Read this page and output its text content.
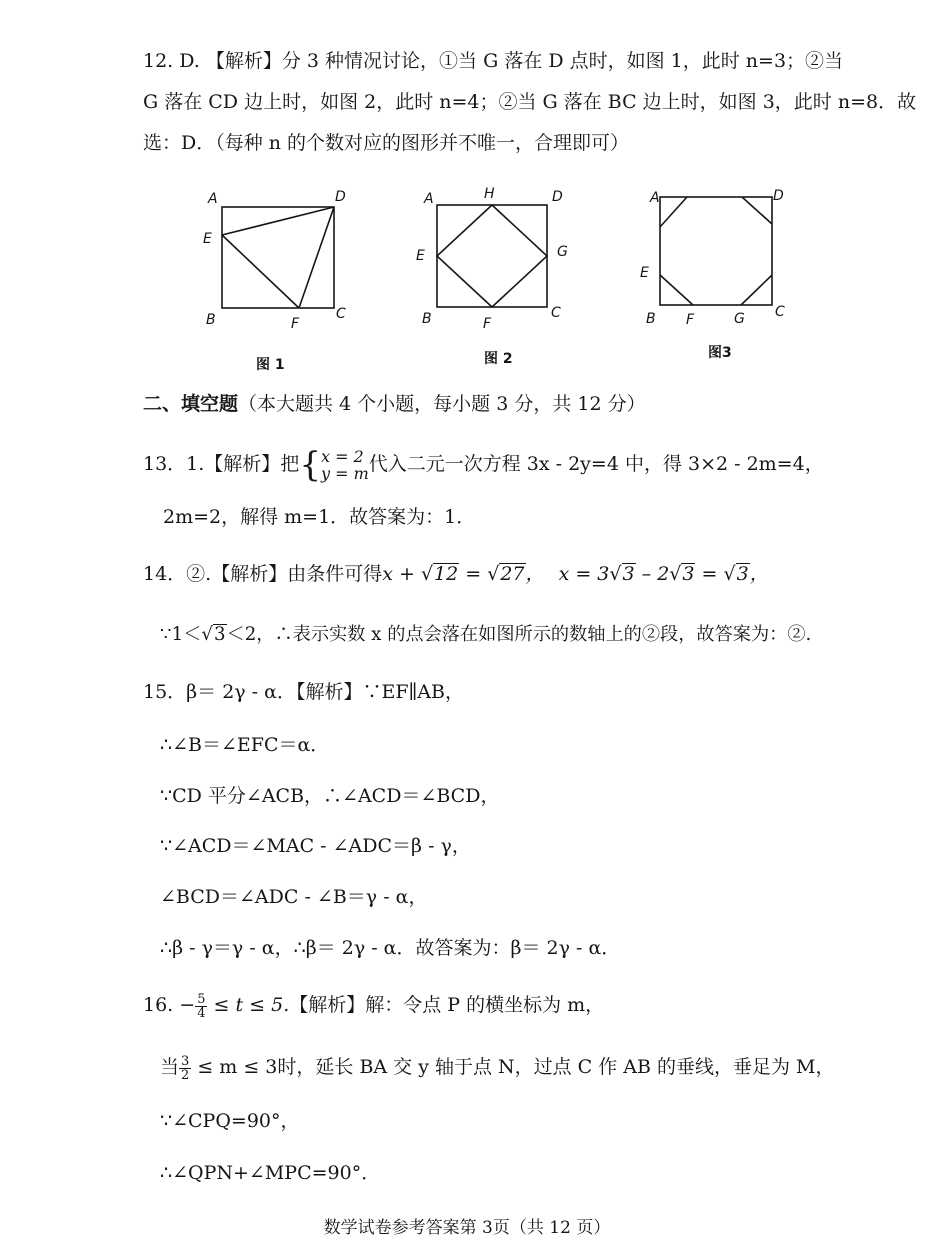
12. D. 【解析】分 3 种情况讨论，①当 G 落在 D 点时，如图 1，此时 n=3；②当
G 落在 CD 边上时，如图 2，此时 n=4；②当 G 落在 BC 边上时，如图 3，此时 n=8．故
选：D．（每种 n 的个数对应的图形并不唯一，合理即可）
A	D
E
B	F
C
图 1
A	H	D
E	G
B	F
C
图 2
A	D
E
B F	G C
图3
二、填空题（本大题共 4 个小题，每小题 3 分，共 12 分）
13．1.【解析】把{ x = 2
y = m 代入二元一次方程 3x - 2y=4 中，得 3×2 - 2m=4，
2m=2，解得 m=1．故答案为：1．
14．②.【解析】由条件可得x + √12 = √27， x = 3√3 – 2√3 = √3，
∵1＜√3＜2，∴表示实数 x 的点会落在如图所示的数轴上的②段，故答案为：②.
15．β＝ 2γ - α．【解析】∵EF∥AB，
∴∠B＝∠EFC＝α．
∵CD 平分∠ACB，∴∠ACD＝∠BCD，
∵∠ACD＝∠MAC - ∠ADC＝β - γ，
∠BCD＝∠ADC - ∠B＝γ - α，
∴β - γ＝γ - α，∴β＝ 2γ - α．故答案为：β＝ 2γ - α．
16. − $\frac{5}{4} \le t \le 5$.【解析】解：令点 P 的横坐标为 m，
当 $\frac{3}{2} \le m \le 3$时，延长 BA 交 y 轴于点 N，过点 C 作 AB 的垂线，垂足为 M，
∵∠CPQ=90°，
∴∠QPN+∠MPC=90°．
数学试卷参考答案第 3页（共 12 页）
